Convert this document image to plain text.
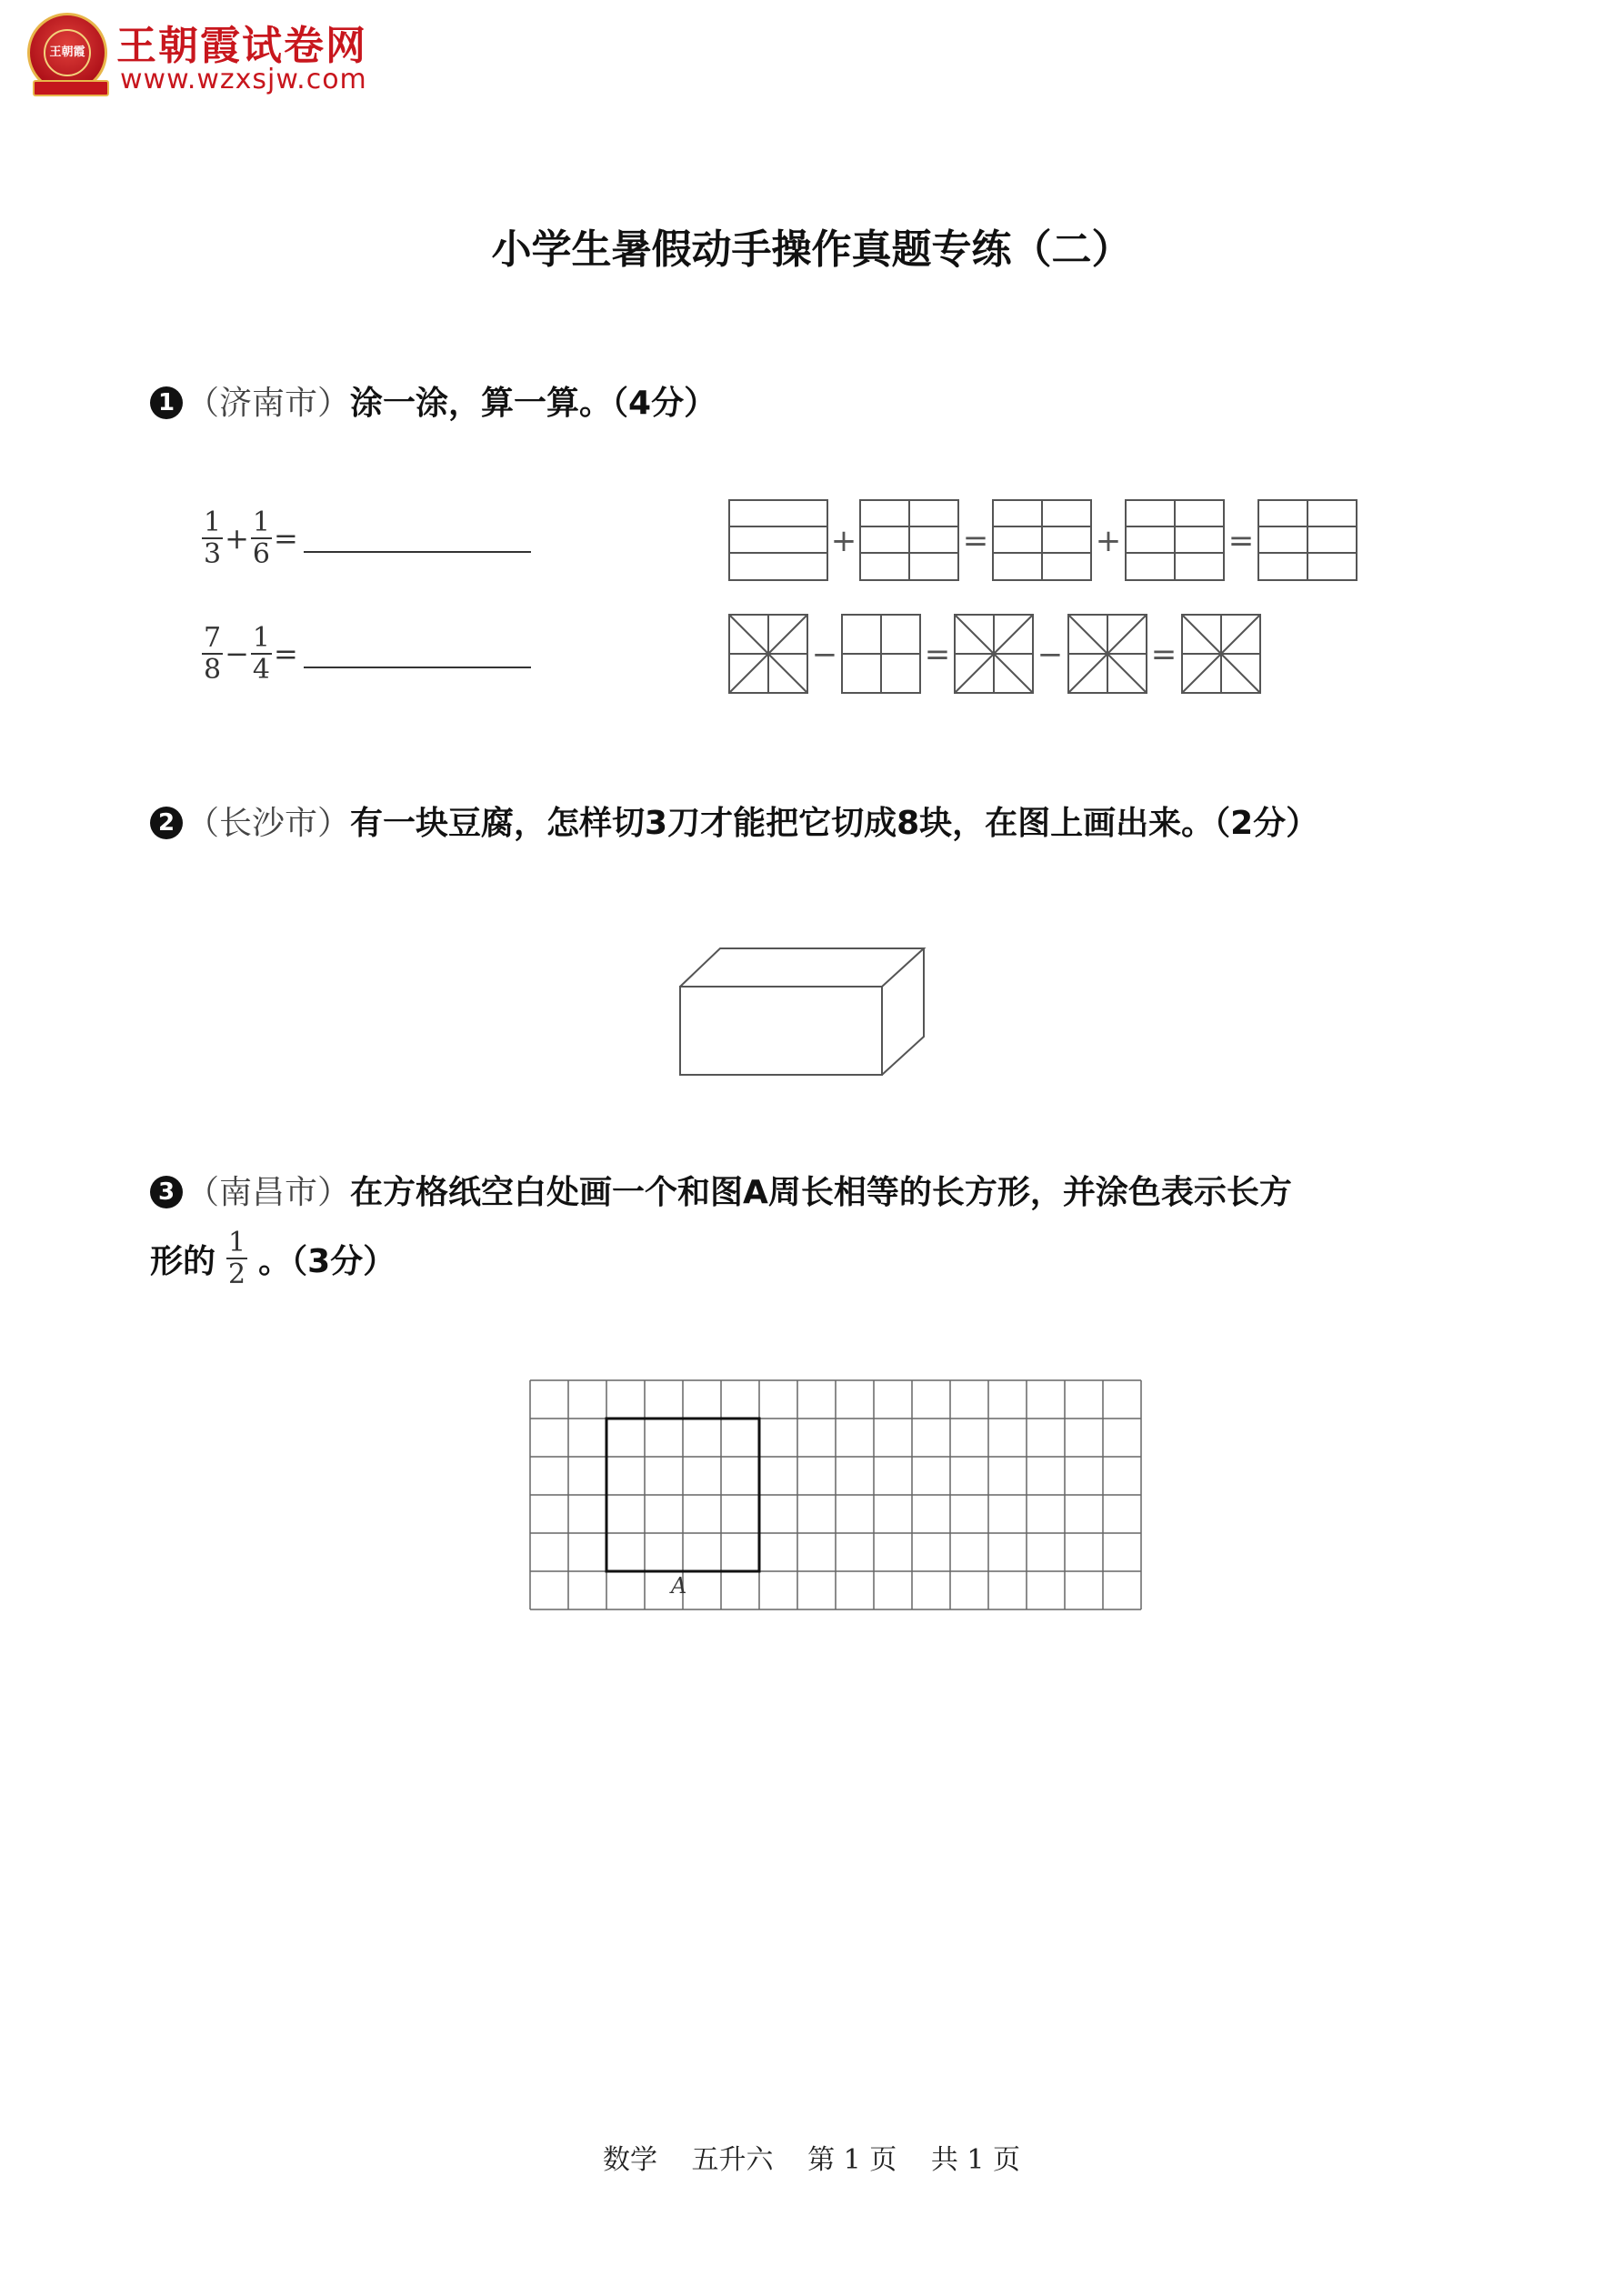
王朝霞 王朝霞试卷网
www.wzxsjw.com
小学生暑假动手操作真题专练（二）
1 （济南市）涂一涂，算一算。（4分）
$\frac{1}{3} + \frac{1}{6}$ =
$\frac{7}{8} - \frac{1}{4}$ =
+	=	+	=
−	=	−	=
2 （长沙市）有一块豆腐，怎样切3刀才能把它切成8块，在图上画出来。（2分）
3 （南昌市）在方格纸空白处画一个和图A周长相等的长方形，并涂色表示长方
形的 $\frac{1}{2}$ 。（3分）
A
数学 五升六 第 1 页 共 1 页
